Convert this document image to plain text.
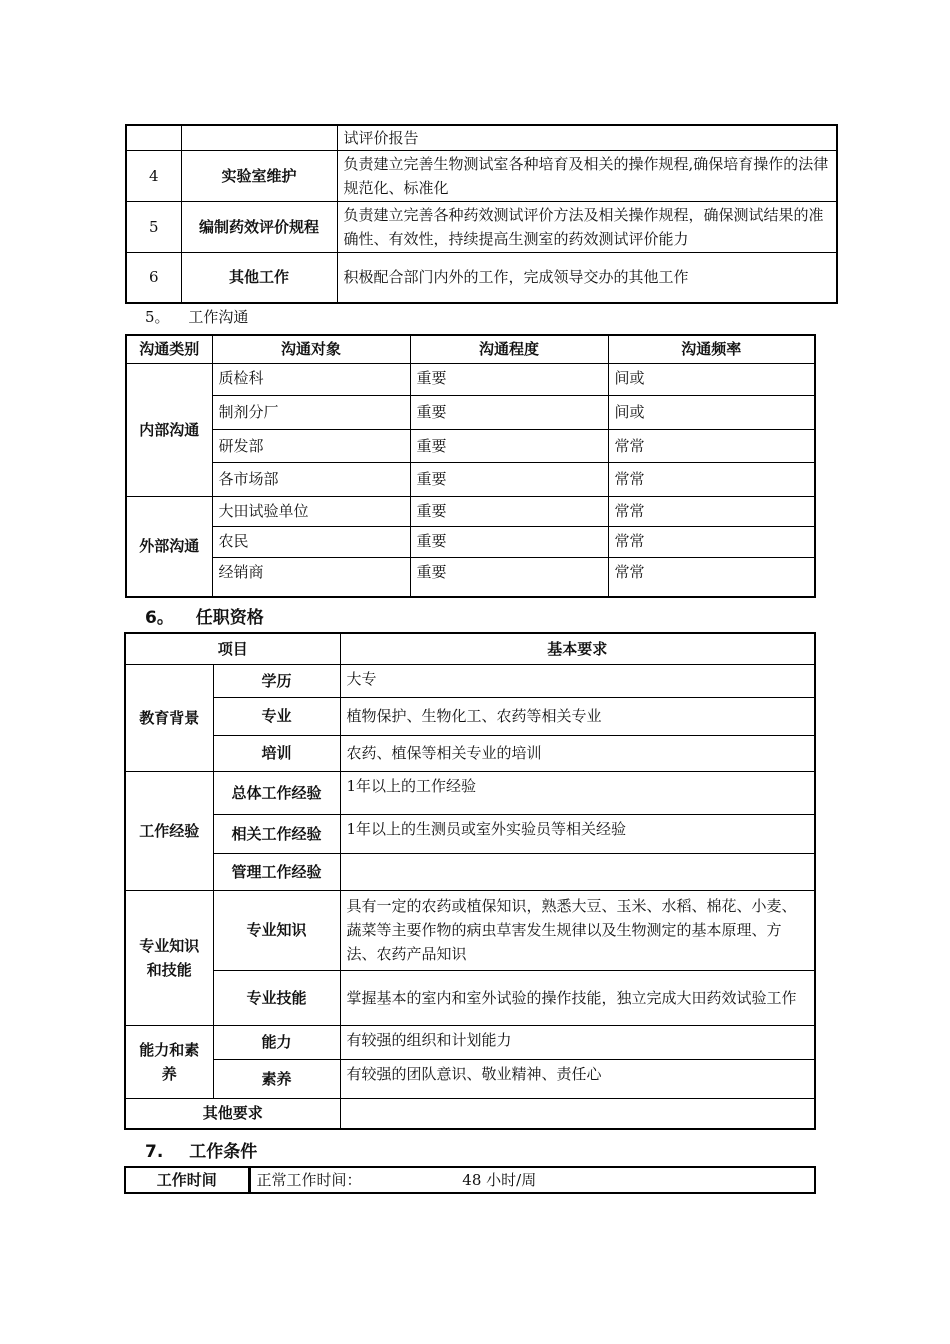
		试评价报告
4	实验室维护	负责建立完善生物测试室各种培育及相关的操作规程,确保培育操作的法律规范化、标准化
5	编制药效评价规程	负责建立完善各种药效测试评价方法及相关操作规程，确保测试结果的准确性、有效性，持续提高生测室的药效测试评价能力
6	其他工作	积极配合部门内外的工作，完成领导交办的其他工作
5。 工作沟通
沟通类别	沟通对象	沟通程度	沟通频率
内部沟通	质检科	重要	间或
	制剂分厂	重要	间或
	研发部	重要	常常
	各市场部	重要	常常
外部沟通	大田试验单位	重要	常常
	农民	重要	常常
	经销商	重要	常常
6。 任职资格
项目		基本要求
教育背景	学历	大专
	专业	植物保护、生物化工、农药等相关专业
	培训	农药、植保等相关专业的培训
工作经验	总体工作经验	1年以上的工作经验
	相关工作经验	1年以上的生测员或室外实验员等相关经验
	管理工作经验	
专业知识和技能	专业知识	具有一定的农药或植保知识，熟悉大豆、玉米、水稻、棉花、小麦、蔬菜等主要作物的病虫草害发生规律以及生物测定的基本原理、方法、农药产品知识
	专业技能	掌握基本的室内和室外试验的操作技能，独立完成大田药效试验工作
能力和素养	能力	有较强的组织和计划能力
	素养	有较强的团队意识、敬业精神、责任心
其他要求		
7. 工作条件
工作时间	正常工作时间：	48 小时/周
